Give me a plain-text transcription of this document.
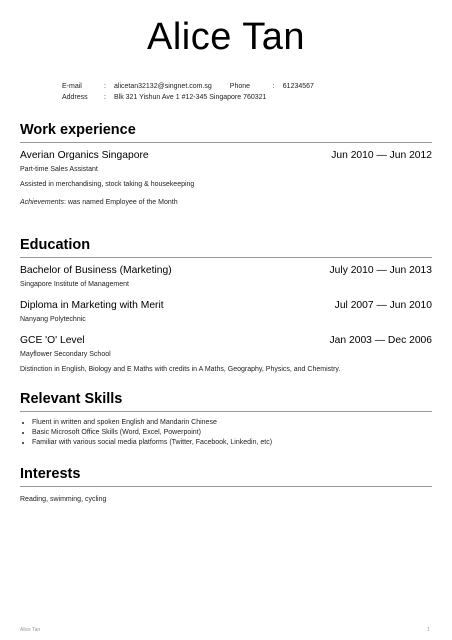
Alice Tan
E-mail	: alicetan32132@singnet.com.sg	Phone	: 61234567
Address : Blk 321 Yishun Ave 1 #12-345 Singapore 760321
Work experience
Averian Organics Singapore	Jun 2010 — Jun 2012
Part-time Sales Assistant
Assisted in merchandising, stock taking & housekeeping
Achievements: was named Employee of the Month
Education
Bachelor of Business (Marketing)	July 2010 — Jun 2013
Singapore Institute of Management
Diploma in Marketing with Merit	Jul 2007 — Jun 2010
Nanyang Polytechnic
GCE 'O' Level	Jan 2003 — Dec 2006
Mayflower Secondary School
Distinction in English, Biology and E Maths with credits in A Maths, Geography, Physics, and Chemistry.
Relevant Skills
• Fluent in written and spoken English and Mandarin Chinese
• Basic Microsoft Office Skills (Word, Excel, Powerpoint)
• Familiar with various social media platforms (Twitter, Facebook, Linkedin, etc)
Interests
Reading, swimming, cycling
Alice Tan	1
